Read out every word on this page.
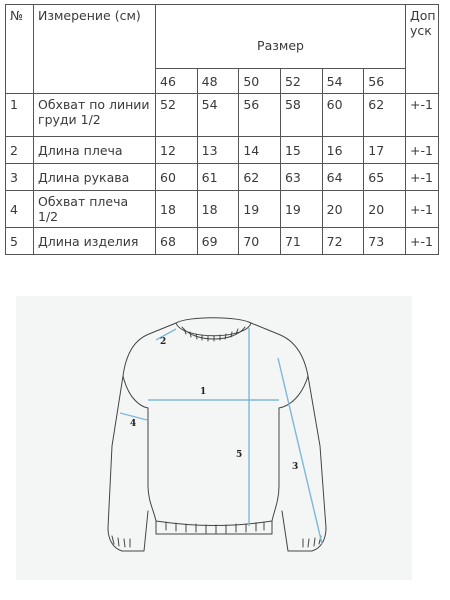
№	Измерение (см)	Размер						Доп уск
		46	48	50	52	54	56	
1	Обхват по линии груди 1/2	52	54	56	58	60	62	+-1
2	Длина плеча	12	13	14	15	16	17	+-1
3	Длина рукава	60	61	62	63	64	65	+-1
4	Обхват плеча 1/2	18	18	19	19	20	20	+-1
5	Длина изделия	68	69	70	71	72	73	+-1
1
2
3
4
5
